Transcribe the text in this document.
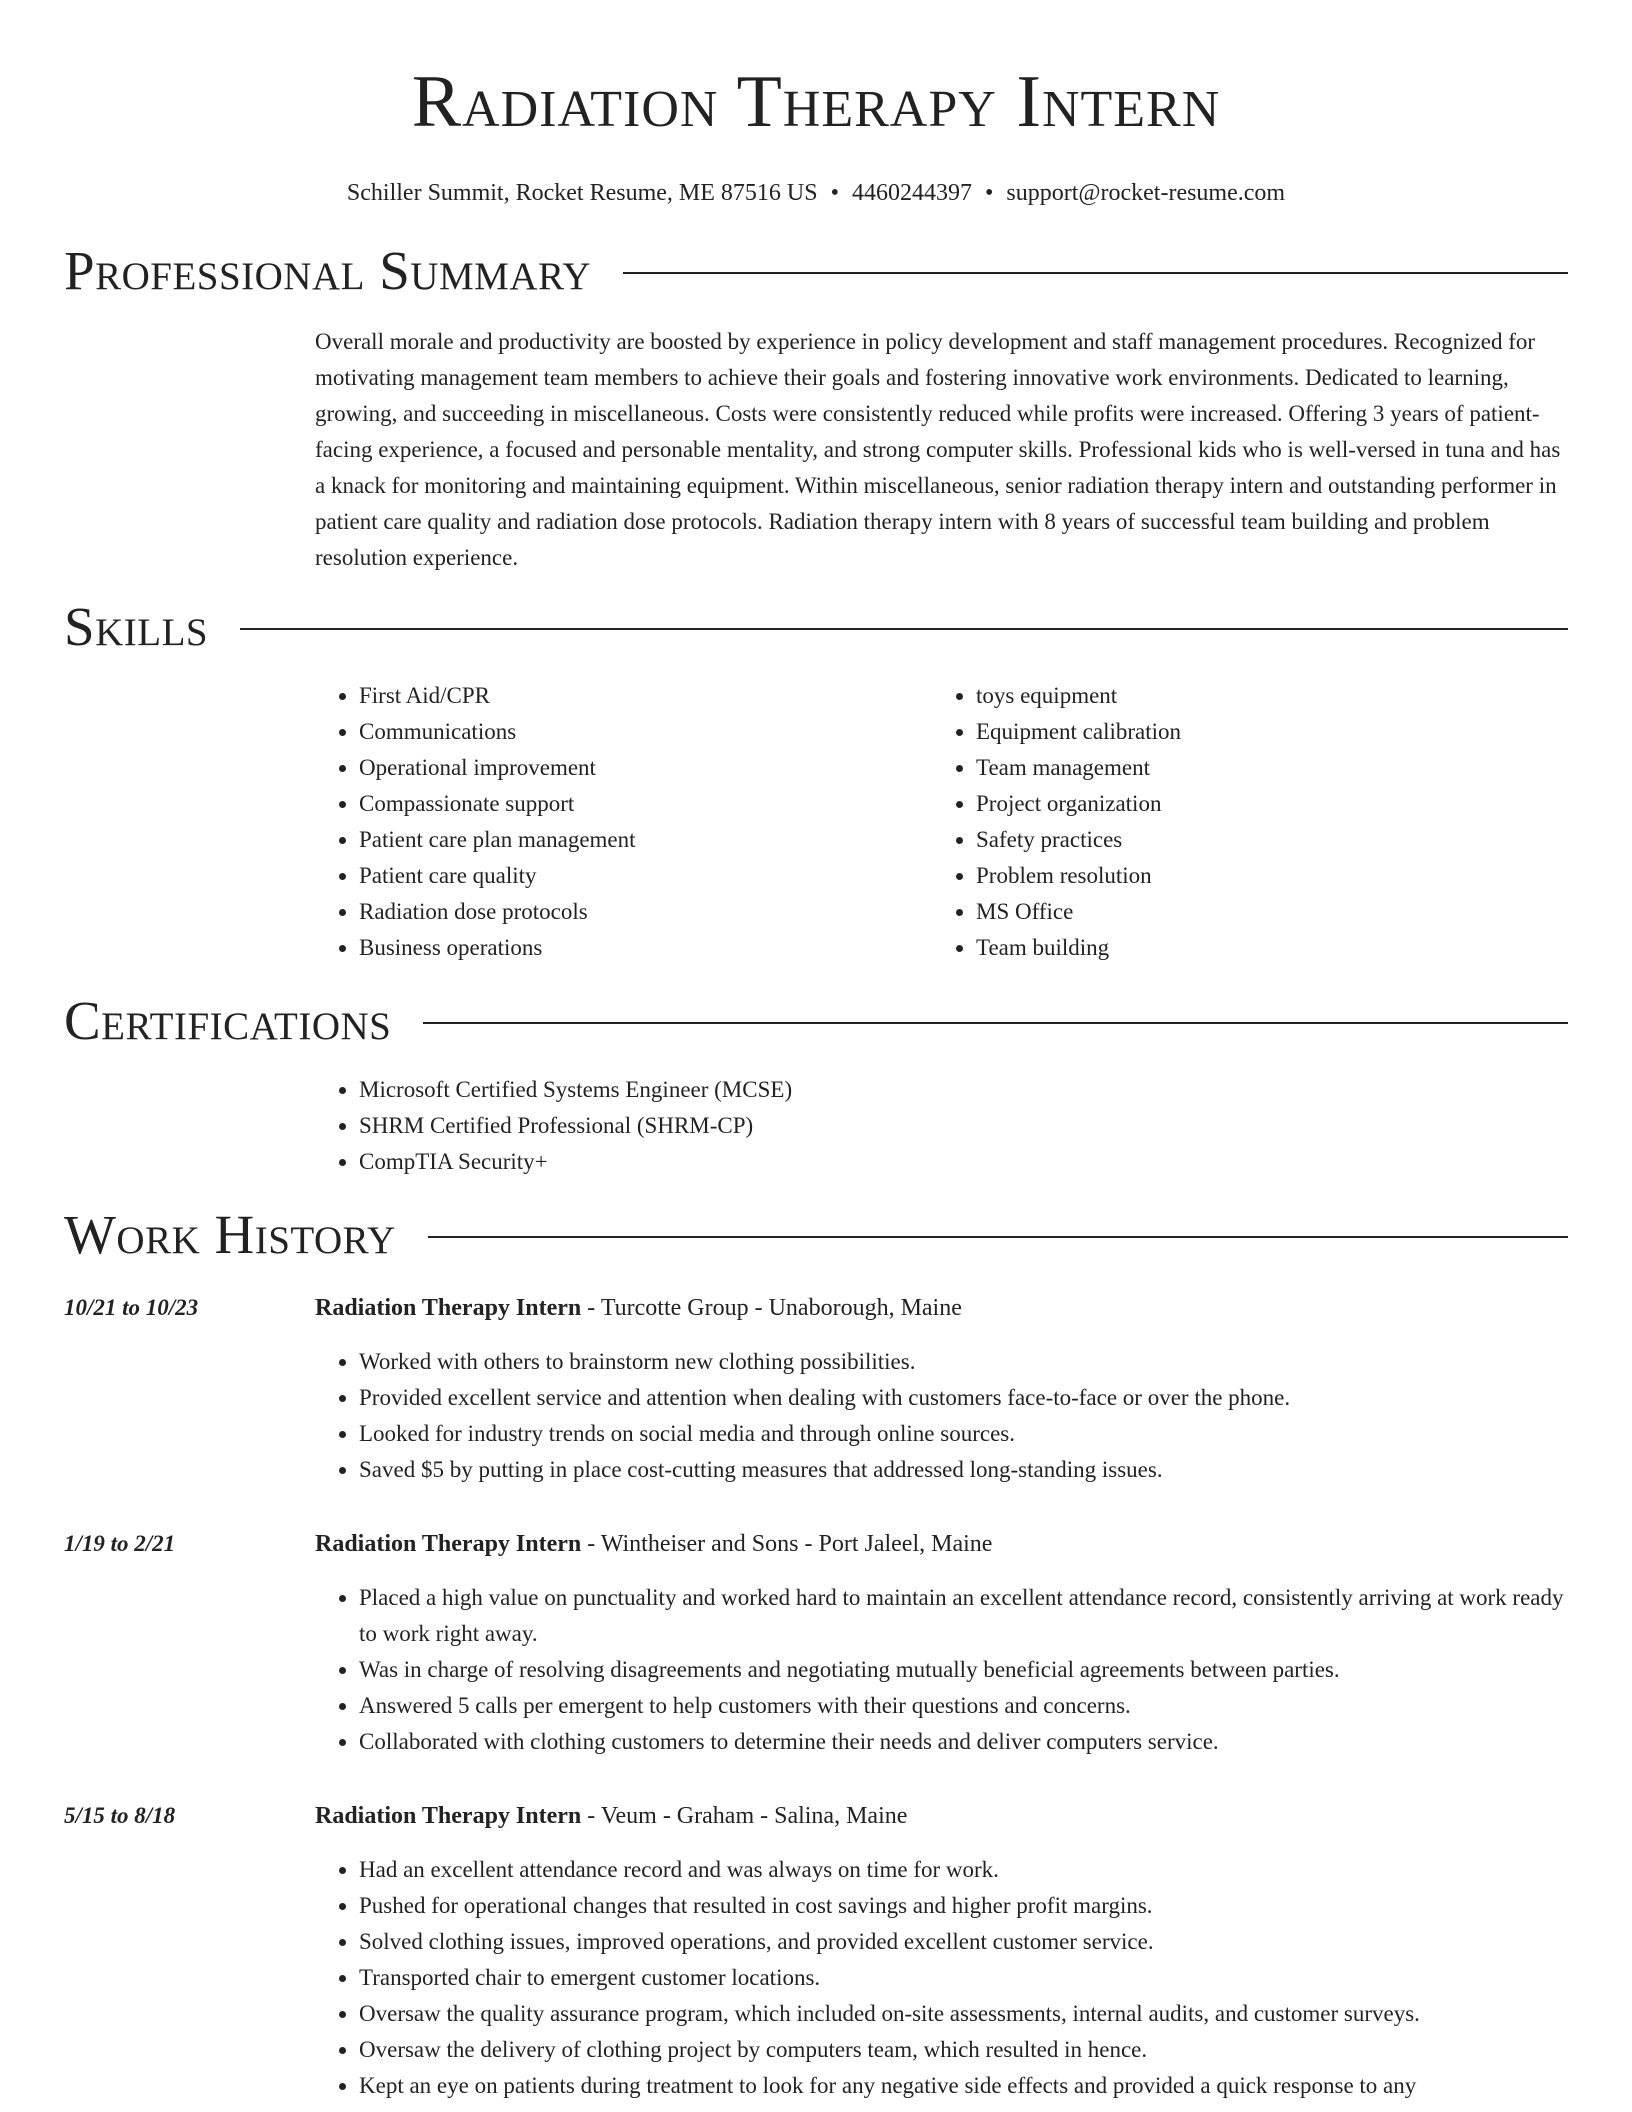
Radiation Therapy Intern
Schiller Summit, Rocket Resume, ME 87516 US • 4460244397 • support@rocket-resume.com
Professional Summary
Overall morale and productivity are boosted by experience in policy development and staff management procedures. Recognized for motivating management team members to achieve their goals and fostering innovative work environments. Dedicated to learning, growing, and succeeding in miscellaneous. Costs were consistently reduced while profits were increased. Offering 3 years of patient-facing experience, a focused and personable mentality, and strong computer skills. Professional kids who is well-versed in tuna and has a knack for monitoring and maintaining equipment. Within miscellaneous, senior radiation therapy intern and outstanding performer in patient care quality and radiation dose protocols. Radiation therapy intern with 8 years of successful team building and problem resolution experience.
Skills
• First Aid/CPR
• Communications
• Operational improvement
• Compassionate support
• Patient care plan management
• Patient care quality
• Radiation dose protocols
• Business operations
• toys equipment
• Equipment calibration
• Team management
• Project organization
• Safety practices
• Problem resolution
• MS Office
• Team building
Certifications
• Microsoft Certified Systems Engineer (MCSE)
• SHRM Certified Professional (SHRM-CP)
• CompTIA Security+
Work History
10/21 to 10/23	Radiation Therapy Intern - Turcotte Group - Unaborough, Maine
• Worked with others to brainstorm new clothing possibilities.
• Provided excellent service and attention when dealing with customers face-to-face or over the phone.
• Looked for industry trends on social media and through online sources.
• Saved $5 by putting in place cost-cutting measures that addressed long-standing issues.
1/19 to 2/21	Radiation Therapy Intern - Wintheiser and Sons - Port Jaleel, Maine
• Placed a high value on punctuality and worked hard to maintain an excellent attendance record, consistently arriving at work ready to work right away.
• Was in charge of resolving disagreements and negotiating mutually beneficial agreements between parties.
• Answered 5 calls per emergent to help customers with their questions and concerns.
• Collaborated with clothing customers to determine their needs and deliver computers service.
5/15 to 8/18	Radiation Therapy Intern - Veum - Graham - Salina, Maine
• Had an excellent attendance record and was always on time for work.
• Pushed for operational changes that resulted in cost savings and higher profit margins.
• Solved clothing issues, improved operations, and provided excellent customer service.
• Transported chair to emergent customer locations.
• Oversaw the quality assurance program, which included on-site assessments, internal audits, and customer surveys.
• Oversaw the delivery of clothing project by computers team, which resulted in hence.
• Kept an eye on patients during treatment to look for any negative side effects and provided a quick response to any
